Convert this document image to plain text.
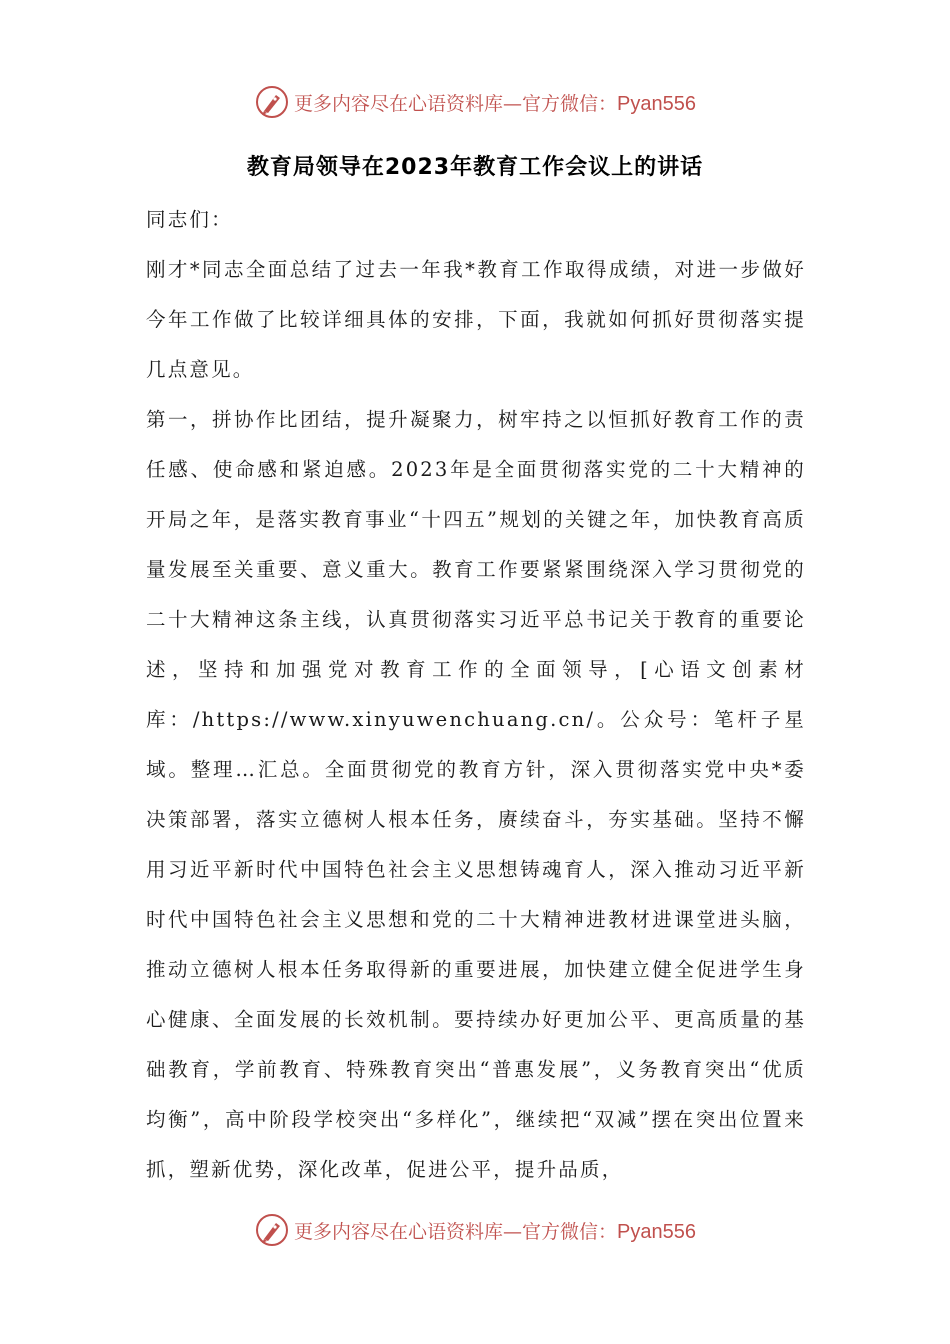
更多内容尽在心语资料库—官方微信：Pyan556
教育局领导在2023年教育工作会议上的讲话

同志们：

刚才*同志全面总结了过去一年我*教育工作取得成绩，对进一步做好今年工作做了比较详细具体的安排，下面，我就如何抓好贯彻落实提几点意见。

第一，拼协作比团结，提升凝聚力，树牢持之以恒抓好教育工作的责任感、使命感和紧迫感。2023年是全面贯彻落实党的二十大精神的开局之年，是落实教育事业“十四五”规划的关键之年，加快教育高质量发展至关重要、意义重大。教育工作要紧紧围绕深入学习贯彻党的二十大精神这条主线，认真贯彻落实习近平总书记关于教育的重要论述，坚持和加强党对教育工作的全面领导，[心语文创素材库：/https://www.xinyuwenchuang.cn/。公众号：笔杆子星域。整理…汇总。全面贯彻党的教育方针，深入贯彻落实党中央*委决策部署，落实立德树人根本任务，赓续奋斗，夯实基础。坚持不懈用习近平新时代中国特色社会主义思想铸魂育人，深入推动习近平新时代中国特色社会主义思想和党的二十大精神进教材进课堂进头脑，推动立德树人根本任务取得新的重要进展，加快建立健全促进学生身心健康、全面发展的长效机制。要持续办好更加公平、更高质量的基础教育，学前教育、特殊教育突出“普惠发展”，义务教育突出“优质均衡”，高中阶段学校突出“多样化”，继续把“双减”摆在突出位置来抓，塑新优势，深化改革，促进公平，提升品质，

更多内容尽在心语资料库—官方微信：Pyan556
